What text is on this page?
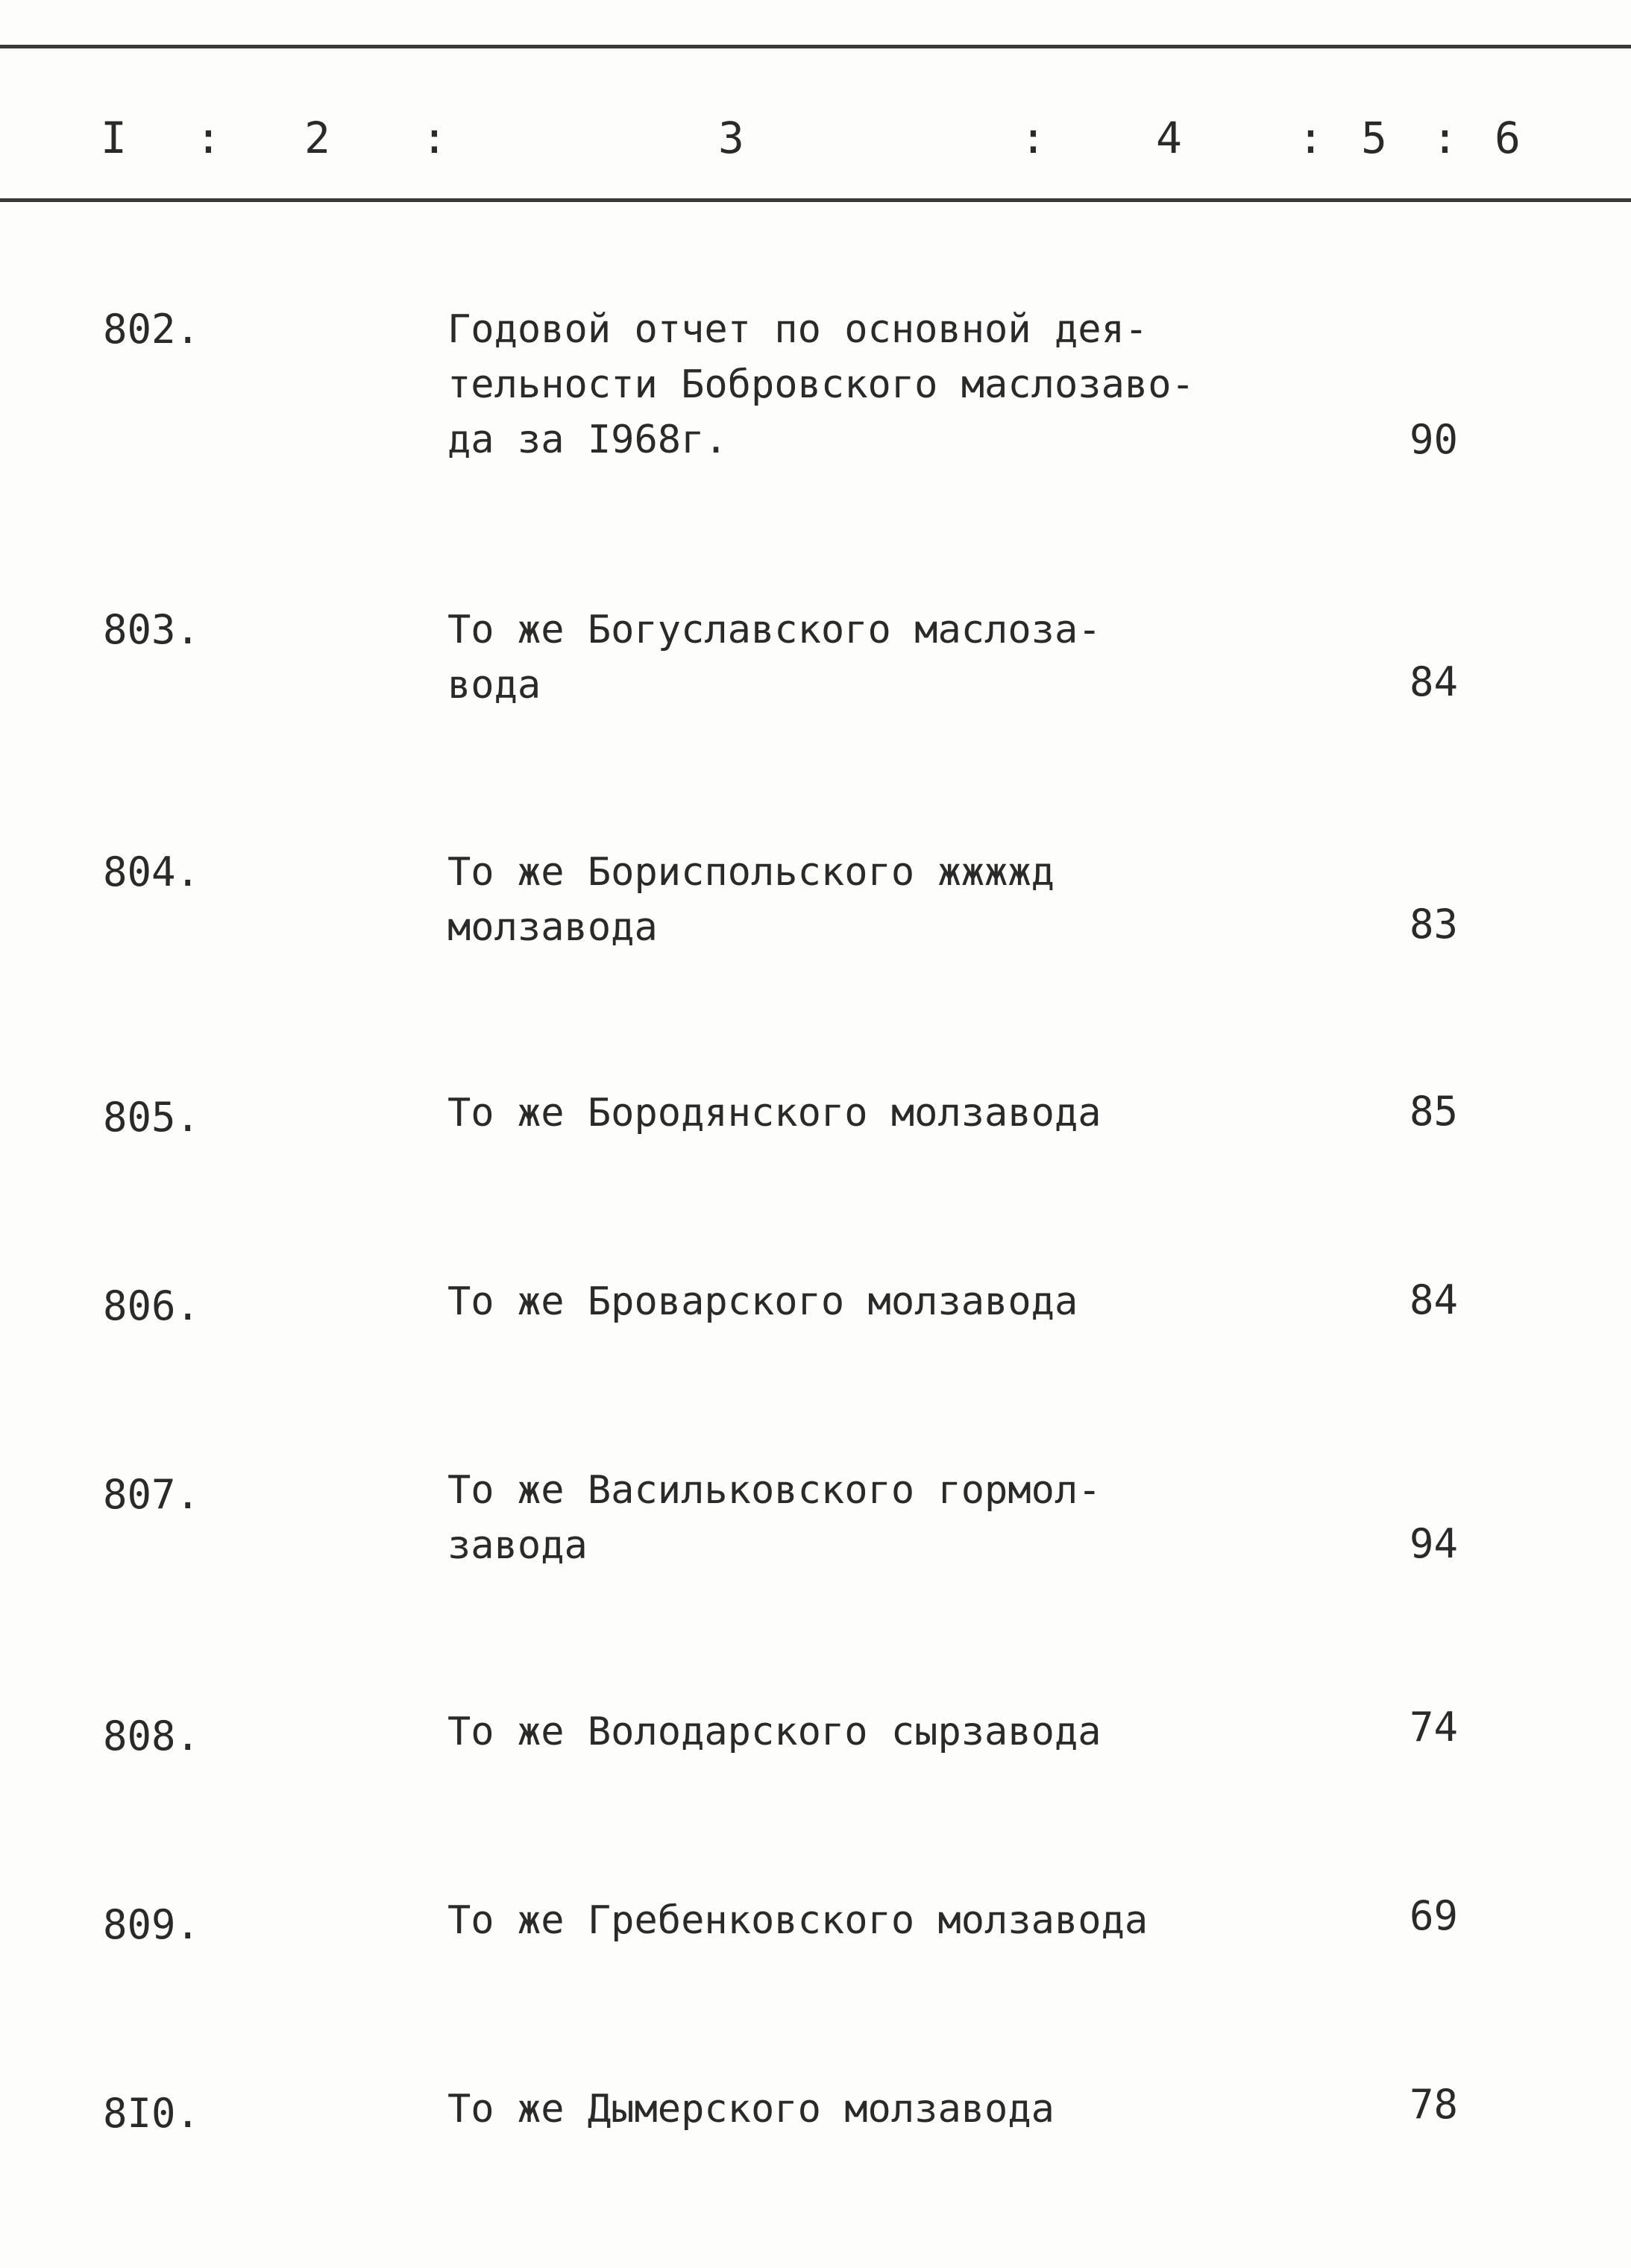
I : 2 :	3	:	4	: 5 : 6
802.	Годовой отчет по основной дея-
тельности Бобровского маслозаво-
да за I968г.	90
803.	То же Богуславского маслоза-
вода	84
804.	То же Бориспольского жжжжд
молзавода	83
805.	То же Бородянского молзавода	85
806.	То же Броварского молзавода	84
807.	То же Васильковского гормол-
завода	94
808.	То же Володарского сырзавода	74
809.	То же Гребенковского молзавода	69
8I0.	То же Дымерского молзавода	78
